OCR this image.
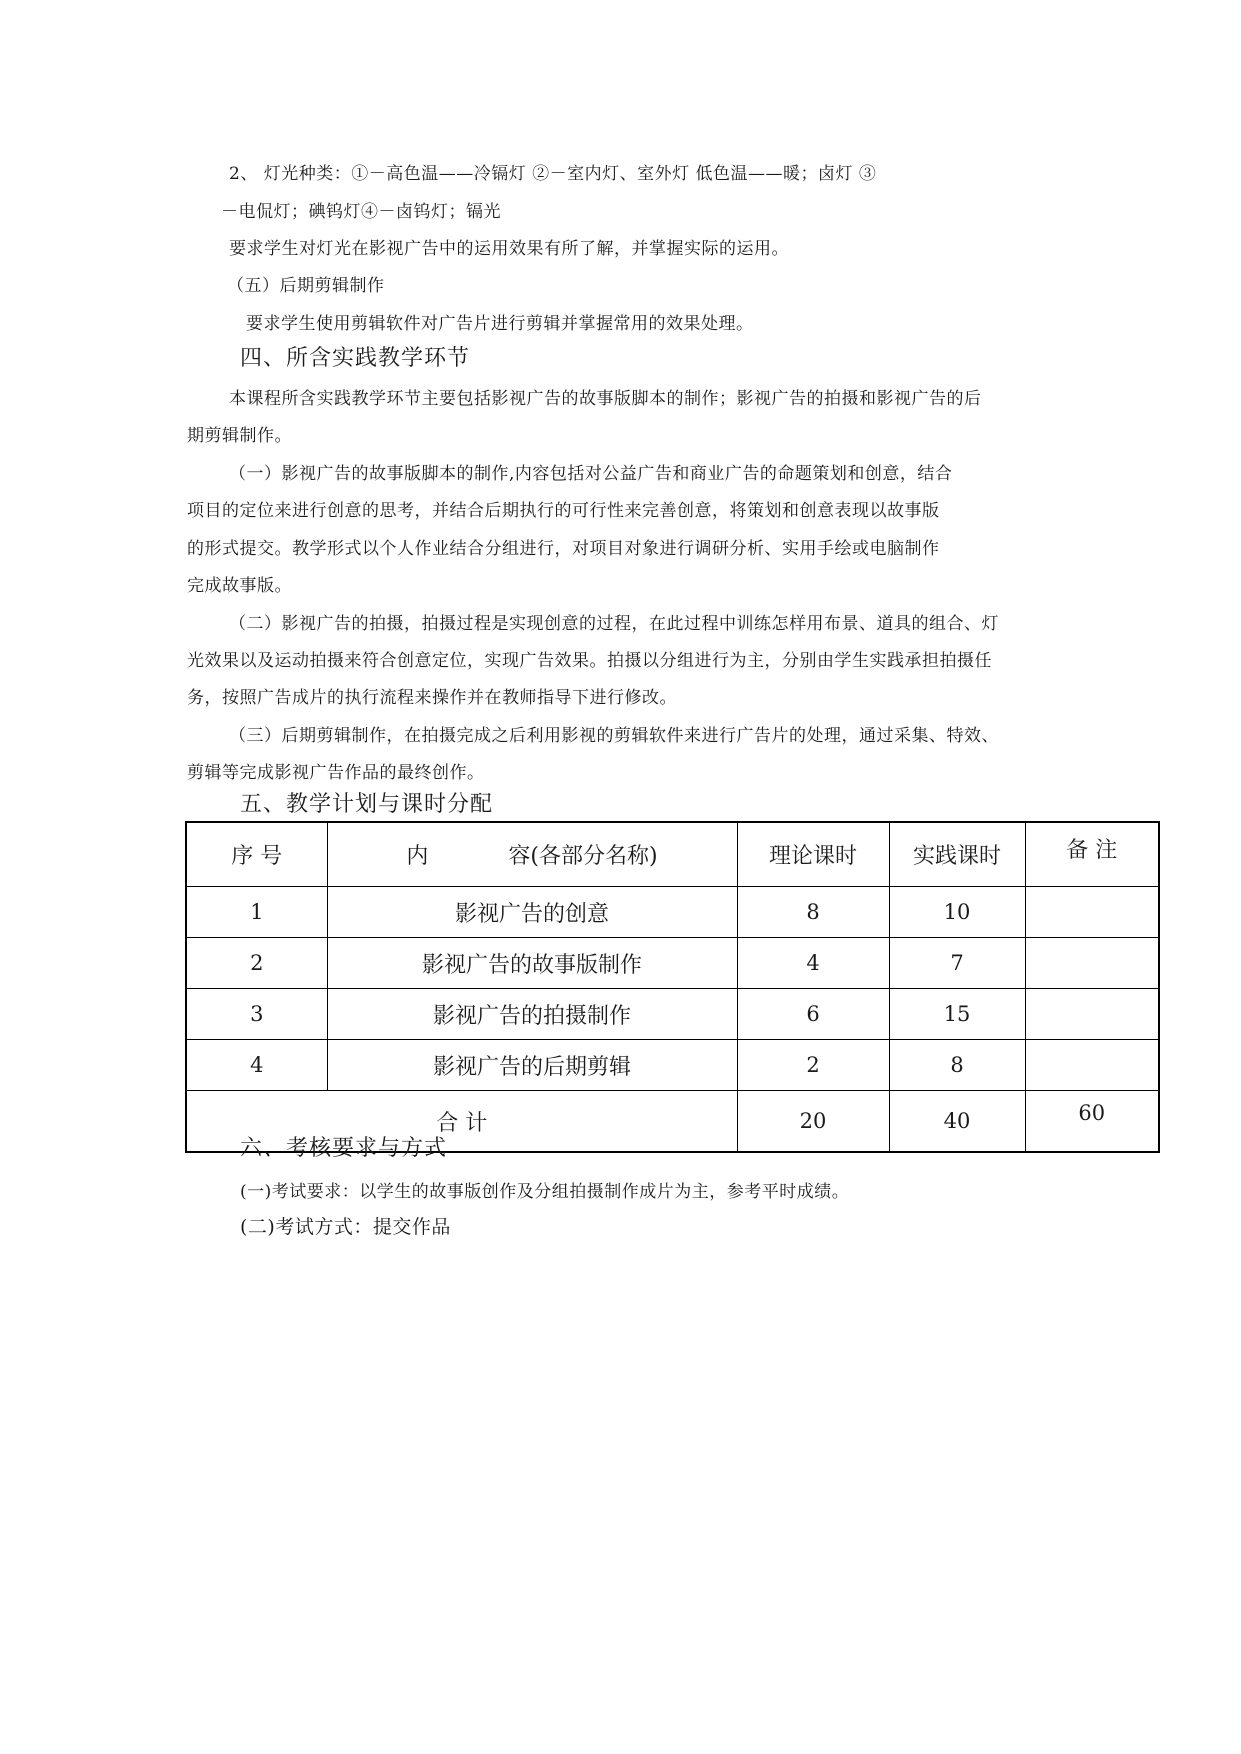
2、 灯光种类：①－高色温——冷镉灯 ②－室内灯、室外灯 低色温——暖；卤灯 ③
－电侃灯；碘钨灯④－卤钨灯；镉光
要求学生对灯光在影视广告中的运用效果有所了解，并掌握实际的运用。
（五）后期剪辑制作
要求学生使用剪辑软件对广告片进行剪辑并掌握常用的效果处理。
四、所含实践教学环节
本课程所含实践教学环节主要包括影视广告的故事版脚本的制作；影视广告的拍摄和影视广告的后
期剪辑制作。
（一）影视广告的故事版脚本的制作,内容包括对公益广告和商业广告的命题策划和创意，结合
项目的定位来进行创意的思考，并结合后期执行的可行性来完善创意，将策划和创意表现以故事版
的形式提交。教学形式以个人作业结合分组进行，对项目对象进行调研分析、实用手绘或电脑制作
完成故事版。
（二）影视广告的拍摄，拍摄过程是实现创意的过程，在此过程中训练怎样用布景、道具的组合、灯
光效果以及运动拍摄来符合创意定位，实现广告效果。拍摄以分组进行为主，分别由学生实践承担拍摄任
务，按照广告成片的执行流程来操作并在教师指导下进行修改。
（三）后期剪辑制作，在拍摄完成之后利用影视的剪辑软件来进行广告片的处理，通过采集、特效、
剪辑等完成影视广告作品的最终创作。
五、教学计划与课时分配
序 号	内 容(各部分名称)	理论课时	实践课时	备 注
1	影视广告的创意	8	10	
2	影视广告的故事版制作	4	7	
3	影视广告的拍摄制作	6	15	
4	影视广告的后期剪辑	2	8	
合 计		20	40	60
六、考核要求与方式
(一)考试要求：以学生的故事版创作及分组拍摄制作成片为主，参考平时成绩。
(二)考试方式：提交作品
